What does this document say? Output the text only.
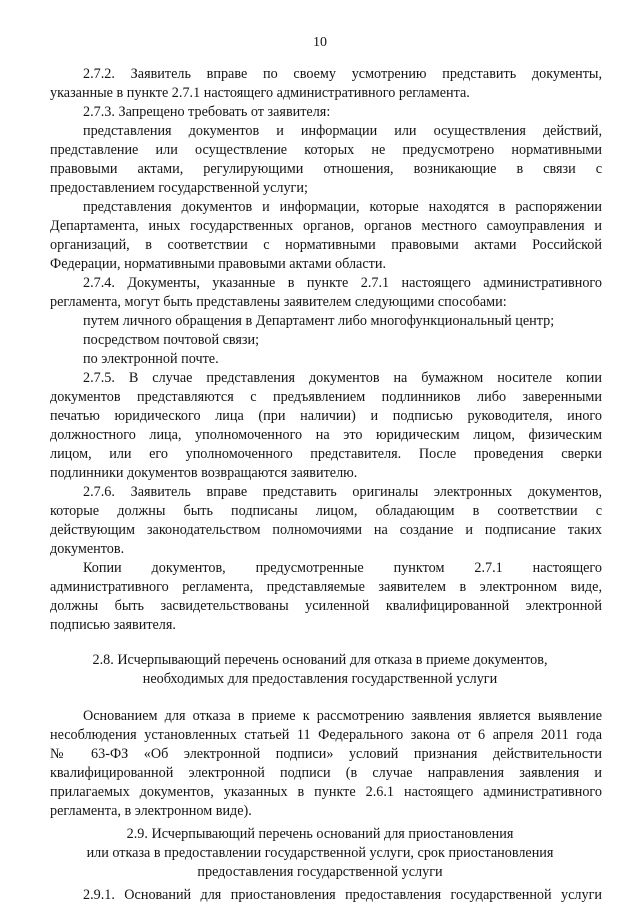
10
2.7.2. Заявитель вправе по своему усмотрению представить документы,
указанные в пункте 2.7.1 настоящего административного регламента.
2.7.3. Запрещено требовать от заявителя:
представления документов и информации или осуществления действий,
представление или осуществление которых не предусмотрено нормативными
правовыми актами, регулирующими отношения, возникающие в связи с
предоставлением государственной услуги;
представления документов и информации, которые находятся в распоряжении
Департамента, иных государственных органов, органов местного самоуправления и
организаций, в соответствии с нормативными правовыми актами Российской
Федерации, нормативными правовыми актами области.
2.7.4. Документы, указанные в пункте 2.7.1 настоящего административного
регламента, могут быть представлены заявителем следующими способами:
путем личного обращения в Департамент либо многофункциональный центр;
посредством почтовой связи;
по электронной почте.
2.7.5. В случае представления документов на бумажном носителе копии
документов представляются с предъявлением подлинников либо заверенными
печатью юридического лица (при наличии) и подписью руководителя, иного
должностного лица, уполномоченного на это юридическим лицом, физическим
лицом, или его уполномоченного представителя. После проведения сверки
подлинники документов возвращаются заявителю.
2.7.6. Заявитель вправе представить оригиналы электронных документов,
которые должны быть подписаны лицом, обладающим в соответствии с
действующим законодательством полномочиями на создание и подписание таких
документов.
Копии документов, предусмотренные пунктом 2.7.1 настоящего
административного регламента, представляемые заявителем в электронном виде,
должны быть засвидетельствованы усиленной квалифицированной электронной
подписью заявителя.
2.8. Исчерпывающий перечень оснований для отказа в приеме документов,
необходимых для предоставления государственной услуги
Основанием для отказа в приеме к рассмотрению заявления является выявление
несоблюдения установленных статьей 11 Федерального закона от 6 апреля 2011 года
№ 63-ФЗ «Об электронной подписи» условий признания действительности
квалифицированной электронной подписи (в случае направления заявления и
прилагаемых документов, указанных в пункте 2.6.1 настоящего административного
регламента, в электронном виде).
2.9. Исчерпывающий перечень оснований для приостановления
или отказа в предоставлении государственной услуги, срок приостановления
предоставления государственной услуги
2.9.1. Оснований для приостановления предоставления государственной услуги
